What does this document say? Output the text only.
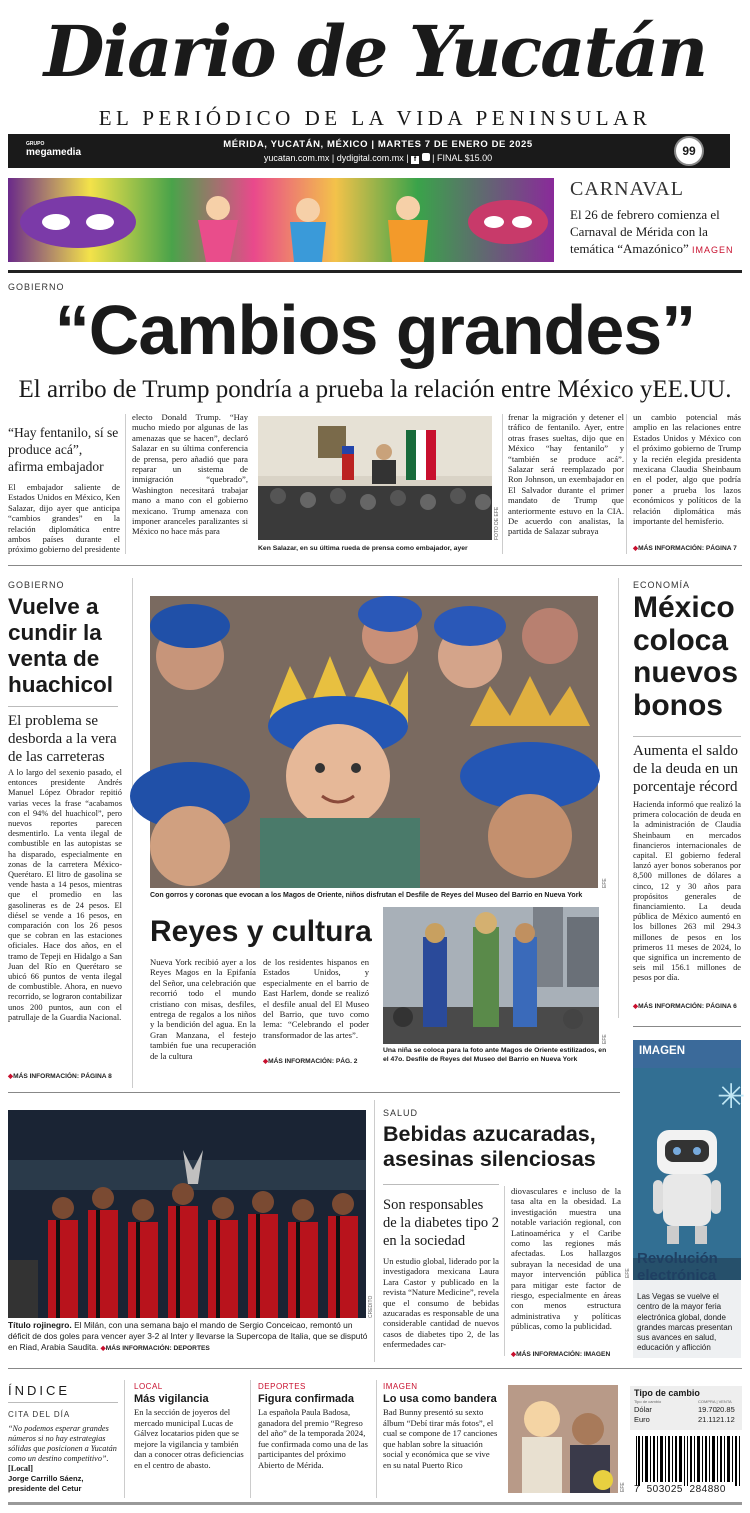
Diario de Yucatán
EL PERIÓDICO DE LA VIDA PENINSULAR
GRUPO
megamedia
MÉRIDA, YUCATÁN, MÉXICO | MARTES 7 DE ENERO DE 2025
yucatan.com.mx | dydigital.com.mx | f | FINAL $15.00	99
CARNAVAL
El 26 de febrero comienza el Carnaval de Mérida con la temática “Amazónico” IMAGEN
GOBIERNO
“Cambios grandes”
El arribo de Trump pondría a prueba la relación entre México yEE.UU.
“Hay fentanilo, sí se produce acá”, afirma embajador
El embajador saliente de Estados Unidos en México, Ken Salazar, dijo ayer que anticipa “cambios grandes” en la relación diplomática entre ambos países durante el próximo gobierno del presidente
electo Donald Trump. “Hay mucho miedo por algunas de las amenazas que se hacen”, declaró Salazar en su última conferencia de prensa, pero añadió que para reparar un sistema de inmigración “quebrado”, Washington necesitará trabajar mano a mano con el gobierno mexicano. Trump amenaza con imponer aranceles paralizantes si México no hace más para	FOTO DE EFE
Ken Salazar, en su última rueda de prensa como embajador, ayer
frenar la migración y detener el tráfico de fentanilo. Ayer, entre otras frases sueltas, dijo que en México “hay fentanilo” y “también se produce acá”. Salazar será reemplazado por Ron Johnson, un exembajador en El Salvador durante el primer mandato de Trump que anteriormente estuvo en la CIA. De acuerdo con analistas, la partida de Salazar subraya
un cambio potencial más amplio en las relaciones entre Estados Unidos y México con el próximo gobierno de Trump y la recién elegida presidenta mexicana Claudia Sheinbaum en el poder, algo que podría poner a prueba los lazos económicos y políticos de la relación diplomática más importante del hemisferio.
◆ MÁS INFORMACIÓN: PÁGINA 7
GOBIERNO
Vuelve a cundir la venta de huachicol
El problema se desborda a la vera de las carreteras
A lo largo del sexenio pasado, el entonces presidente Andrés Manuel López Obrador repitió varias veces la frase “acabamos con el 94% del huachicol”, pero nuevos reportes parecen desmentirlo. La venta ilegal de combustible en las autopistas se ha disparado, especialmente en zonas de la carretera México-Querétaro. El litro de gasolina se vende hasta a 14 pesos, mientras que el promedio en las gasolineras es de 24 pesos. El diésel se vende a 16 pesos, en comparación con los 26 pesos que se cobran en las estaciones oficiales. Hace dos años, en el tramo de Tepeji en Hidalgo a San Juan del Río en Querétaro se ubicó 66 puntos de venta ilegal de combustible. Ahora, en nuevo recorrido, se lograron contabilizar unos 200 puntos, aun con el patrullaje de la Guardia Nacional.
◆ MÁS INFORMACIÓN: PÁGINA 8
EFE
Con gorros y coronas que evocan a los Magos de Oriente, niños disfrutan el Desfile de Reyes del Museo del Barrio en Nueva York
Reyes y cultura
Nueva York recibió ayer a los Reyes Magos en la Epifanía del Señor, una celebración que recorrió todo el mundo cristiano con misas, desfiles, entrega de regalos a los niños y la bendición del agua. En la Gran Manzana, el festejo también fue una recuperación de la cultura
de los residentes hispanos en Estados Unidos, y especialmente en el barrio de East Harlem, donde se realizó el desfile anual del El Museo del Barrio, que tuvo como lema: “Celebrando el poder transformador de las artes”.
◆ MÁS INFORMACIÓN: PÁG. 2
EFE
Una niña se coloca para la foto ante Magos de Oriente estilizados, en el 47o. Desfile de Reyes del Museo del Barrio en Nueva York
ECONOMÍA
México coloca nuevos bonos
Aumenta el saldo de la deuda en un porcentaje récord
Hacienda informó que realizó la primera colocación de deuda en la administración de Claudia Sheinbaum en mercados financieros internacionales de capital. El gobierno federal lanzó ayer bonos soberanos por 8,500 millones de dólares a cinco, 12 y 30 años para propósitos generales de financiamiento. La deuda pública de México aumentó en los billones 263 mil 294.3 millones de pesos en los primeros 11 meses de 2024, lo que significa un incremento de seis mil 156.1 millones de pesos por día.
◆ MÁS INFORMACIÓN: PÁGINA 6
CREDITO
Título rojinegro. El Milán, con una semana bajo el mando de Sergio Conceicao, remontó un déficit de dos goles para vencer ayer 3-2 al Inter y llevarse la Supercopa de Italia, que se disputó en Riad, Arabia Saudita. ◆ MÁS INFORMACIÓN: DEPORTES
SALUD
Bebidas azucaradas, asesinas silenciosas
Son responsables de la diabetes tipo 2 en la sociedad
Un estudio global, liderado por la investigadora mexicana Laura Lara Castor y publicado en la revista “Nature Medicine”, revela que el consumo de bebidas azucaradas es responsable de una considerable cantidad de nuevos casos de diabetes tipo 2, de las enfermedades car-
diovasculares e incluso de la tasa alta en la obesidad. La investigación muestra una notable variación regional, con Latinoamérica y el Caribe como las regiones más afectadas. Los hallazgos subrayan la necesidad de una mayor intervención pública para mitigar este factor de riesgo, especialmente en áreas con menos estructura administrativa y políticas públicas, como la publicidad.
◆ MÁS INFORMACIÓN: IMAGEN
IMAGEN
✳
EFE
Revolución electrónica
Las Vegas se vuelve el centro de la mayor feria electrónica global, donde grandes marcas presentan sus avances en salud, educación y aflicción
ÍNDICE
CITA DEL DÍA
“No podemos esperar grandes números si no hay estrategias sólidas que posicionen a Yucatán como un destino competitivo”. [Local]
Jorge Carrillo Sáenz, presidente del Cetur
LOCAL
Más vigilancia
En la sección de joyeros del mercado municipal Lucas de Gálvez locatarios piden que se mejore la vigilancia y también dan a conocer otras deficiencias en el centro de abasto.
DEPORTES
Figura confirmada
La española Paula Badosa, ganadora del premio “Regreso del año” de la temporada 2024, fue confirmada como una de las participantes del próximo Abierto de Mérida.
IMAGEN
Lo usa como bandera
Bad Bunny presentó su sexto álbum “Debí tirar más fotos”, el cual se compone de 17 canciones que hablan sobre la situación social y económica que se vive en su natal Puerto Rico
EFE
Tipo de cambio
Tipo de cambio	COMPRA | VENTA
Dólar	19.70 20.85
Euro	21.11 21.12
7  503025  284880
